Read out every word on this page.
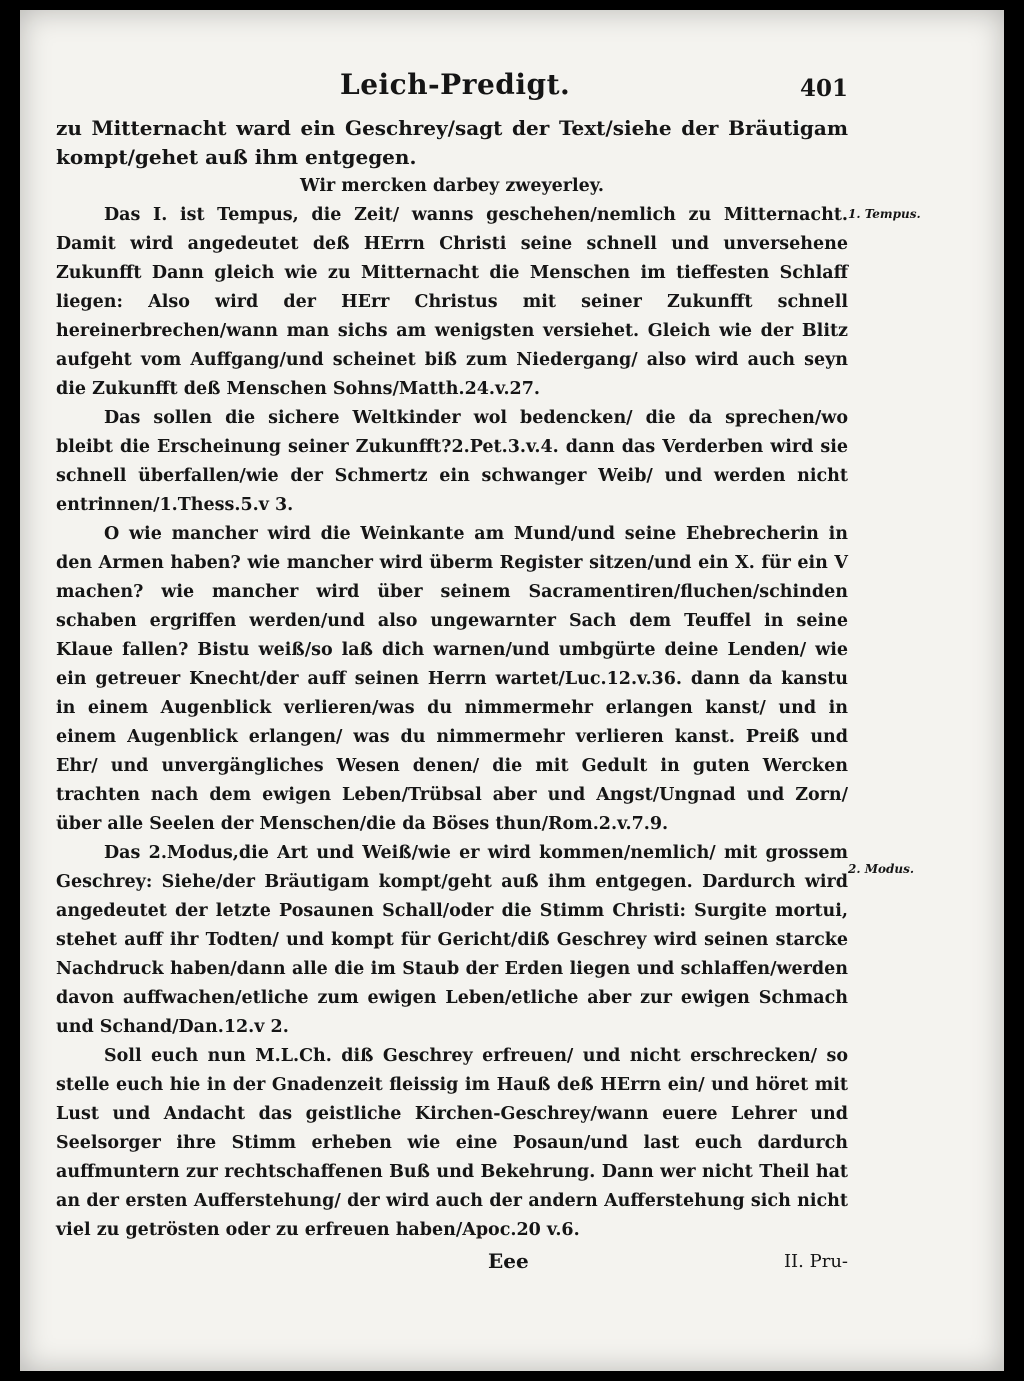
Leich-Predigt.	401

zu Mitternacht ward ein Geschrey/sagt der Text/siehe der Bräutigam kompt/gehet auß ihm entgegen.

Wir mercken darbey zweyerley.

Das I. ist Tempus, die Zeit/ wanns geschehen/nemlich zu Mitternacht. Damit wird angedeutet deß HErrn Christi seine schnell und unversehene Zukunfft Dann gleich wie zu Mitternacht die Menschen im tieffesten Schlaff liegen: Also wird der HErr Christus mit seiner Zukunfft schnell hereinerbrechen/wann man sichs am wenigsten versiehet. Gleich wie der Blitz aufgeht vom Auffgang/und scheinet biß zum Niedergang/ also wird auch seyn die Zukunfft deß Menschen Sohns/Matth.24.v.27.

Das sollen die sichere Weltkinder wol bedencken/ die da sprechen/wo bleibt die Erscheinung seiner Zukunfft?2.Pet.3.v.4. dann das Verderben wird sie schnell überfallen/wie der Schmertz ein schwanger Weib/ und werden nicht entrinnen/1.Thess.5.v 3.

O wie mancher wird die Weinkante am Mund/und seine Ehebrecherin in den Armen haben? wie mancher wird überm Register sitzen/und ein X. für ein V machen? wie mancher wird über seinem Sacramentiren/fluchen/schinden schaben ergriffen werden/und also ungewarnter Sach dem Teuffel in seine Klaue fallen? Bistu weiß/so laß dich warnen/und umbgürte deine Lenden/ wie ein getreuer Knecht/der auff seinen Herrn wartet/Luc.12.v.36. dann da kanstu in einem Augenblick verlieren/was du nimmermehr erlangen kanst/ und in einem Augenblick erlangen/ was du nimmermehr verlieren kanst. Preiß und Ehr/ und unvergängliches Wesen denen/ die mit Gedult in guten Wercken trachten nach dem ewigen Leben/Trübsal aber und Angst/Ungnad und Zorn/über alle Seelen der Menschen/die da Böses thun/Rom.2.v.7.9.

Das 2.Modus,die Art und Weiß/wie er wird kommen/nemlich/ mit grossem Geschrey: Siehe/der Bräutigam kompt/geht auß ihm entgegen. Dardurch wird angedeutet der letzte Posaunen Schall/oder die Stimm Christi: Surgite mortui, stehet auff ihr Todten/ und kompt für Gericht/diß Geschrey wird seinen starcke Nachdruck haben/dann alle die im Staub der Erden liegen und schlaffen/werden davon auffwachen/etliche zum ewigen Leben/etliche aber zur ewigen Schmach und Schand/Dan.12.v 2.

Soll euch nun M.L.Ch. diß Geschrey erfreuen/ und nicht erschrecken/ so stelle euch hie in der Gnadenzeit fleissig im Hauß deß HErrn ein/ und höret mit Lust und Andacht das geistliche Kirchen-Geschrey/wann euere Lehrer und Seelsorger ihre Stimm erheben wie eine Posaun/und last euch dardurch auffmuntern zur rechtschaffenen Buß und Bekehrung. Dann wer nicht Theil hat an der ersten Aufferstehung/ der wird auch der andern Aufferstehung sich nicht viel zu getrösten oder zu erfreuen haben/Apoc.20 v.6.

Eee	II. Pru-
1. Tempus.
2. Modus.
